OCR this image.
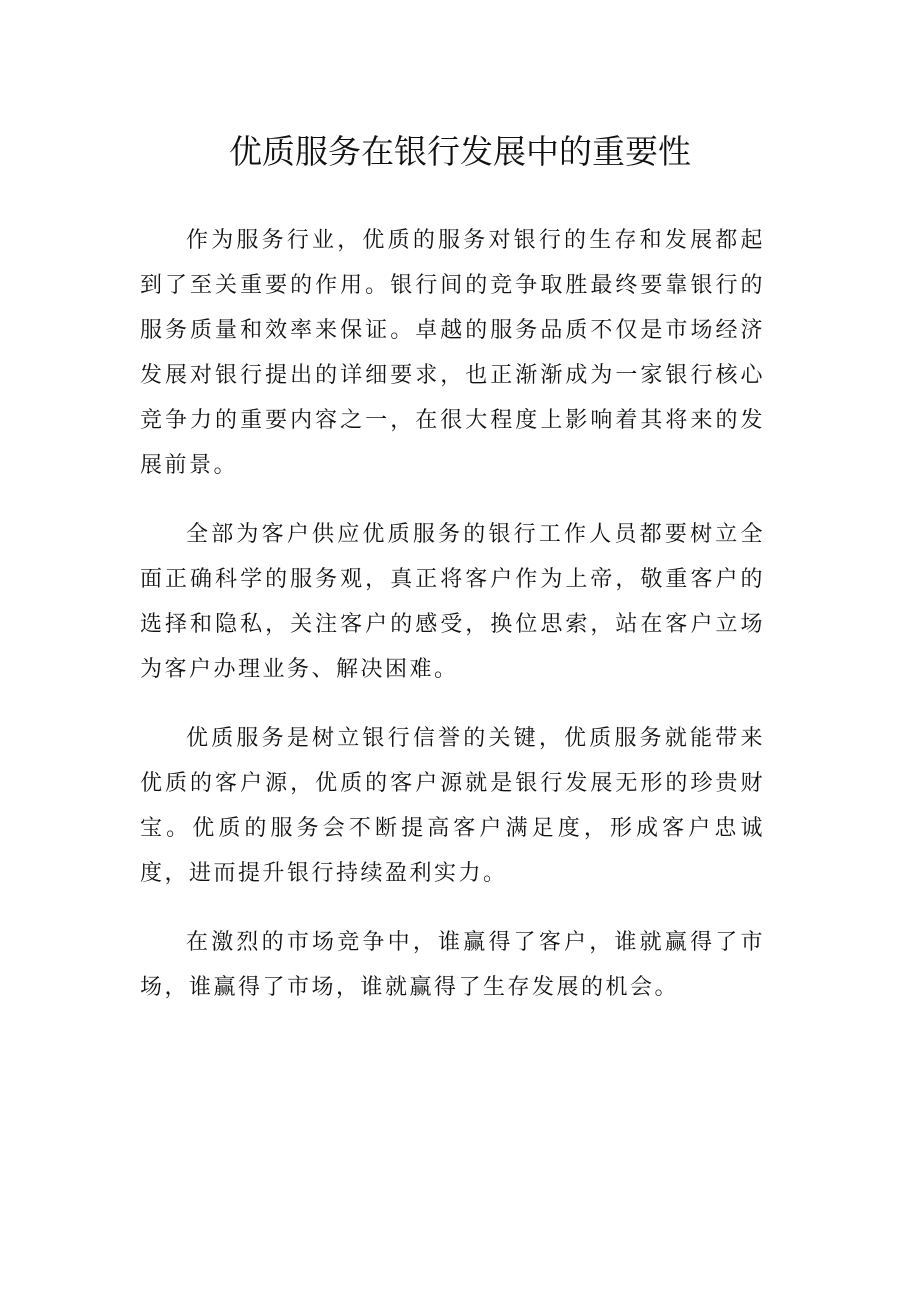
优质服务在银行发展中的重要性

作为服务行业，优质的服务对银行的生存和发展都起到了至关重要的作用。银行间的竞争取胜最终要靠银行的服务质量和效率来保证。卓越的服务品质不仅是市场经济发展对银行提出的详细要求，也正渐渐成为一家银行核心竞争力的重要内容之一，在很大程度上影响着其将来的发展前景。

全部为客户供应优质服务的银行工作人员都要树立全面正确科学的服务观，真正将客户作为上帝，敬重客户的选择和隐私，关注客户的感受，换位思索，站在客户立场为客户办理业务、解决困难。

优质服务是树立银行信誉的关键，优质服务就能带来优质的客户源，优质的客户源就是银行发展无形的珍贵财宝。优质的服务会不断提高客户满足度，形成客户忠诚度，进而提升银行持续盈利实力。

在激烈的市场竞争中，谁赢得了客户，谁就赢得了市场，谁赢得了市场，谁就赢得了生存发展的机会。
